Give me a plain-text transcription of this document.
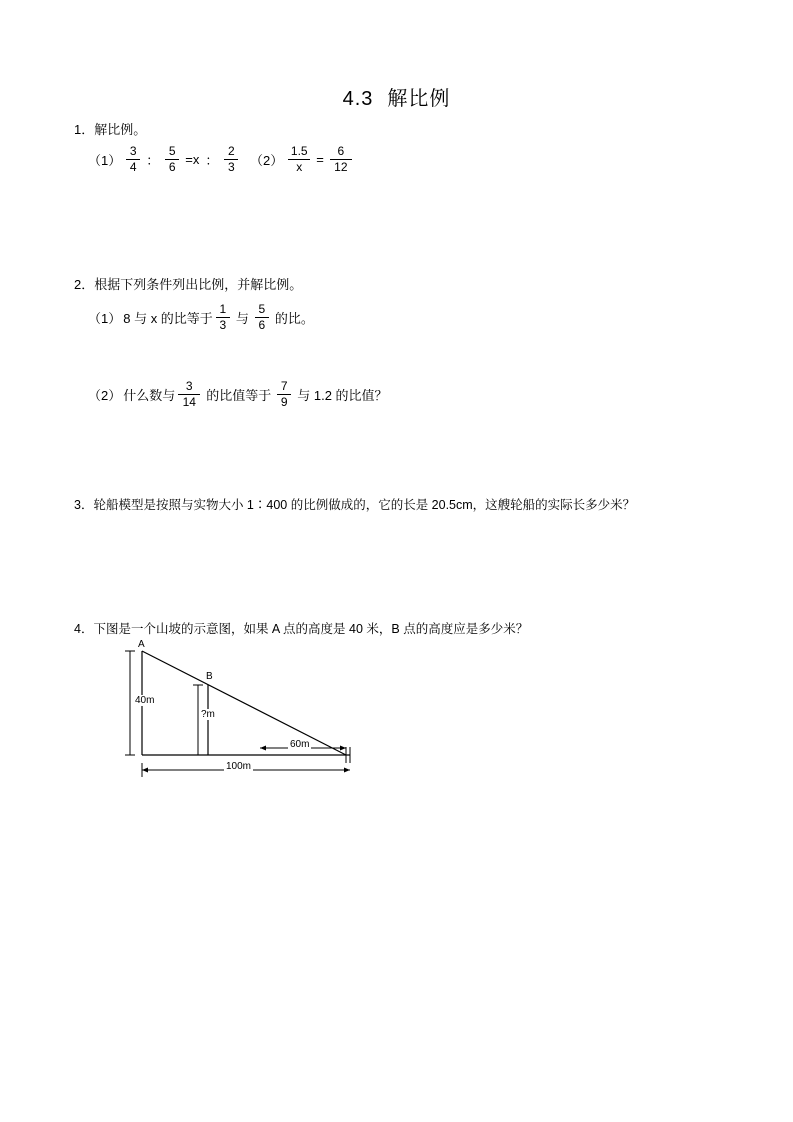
4.3 解比例
1．解比例。
$(1) \frac{3}{4}$ ： $\frac{5}{6} =x$ ： $\frac{2}{3} (2) \frac{1.5}{x} = \frac{6}{12}$
2．根据下列条件列出比例，并解比例。
（1） 8 与 x 的比等于 $\frac{1}{3}$ 与 $\frac{5}{6}$ 的比。
（2） 什么数与 $\frac{3}{14}$ 的比值等于 $\frac{7}{9}$ 与 1.2 的比值？
3．轮船模型是按照与实物大小 1∶400 的比例做成的，它的长是 20.5cm，这艘轮船的实际长多少米？
4．下图是一个山坡的示意图，如果 A 点的高度是 40 米，B 点的高度应是多少米？
A
B
40m
?m
60m
100m
